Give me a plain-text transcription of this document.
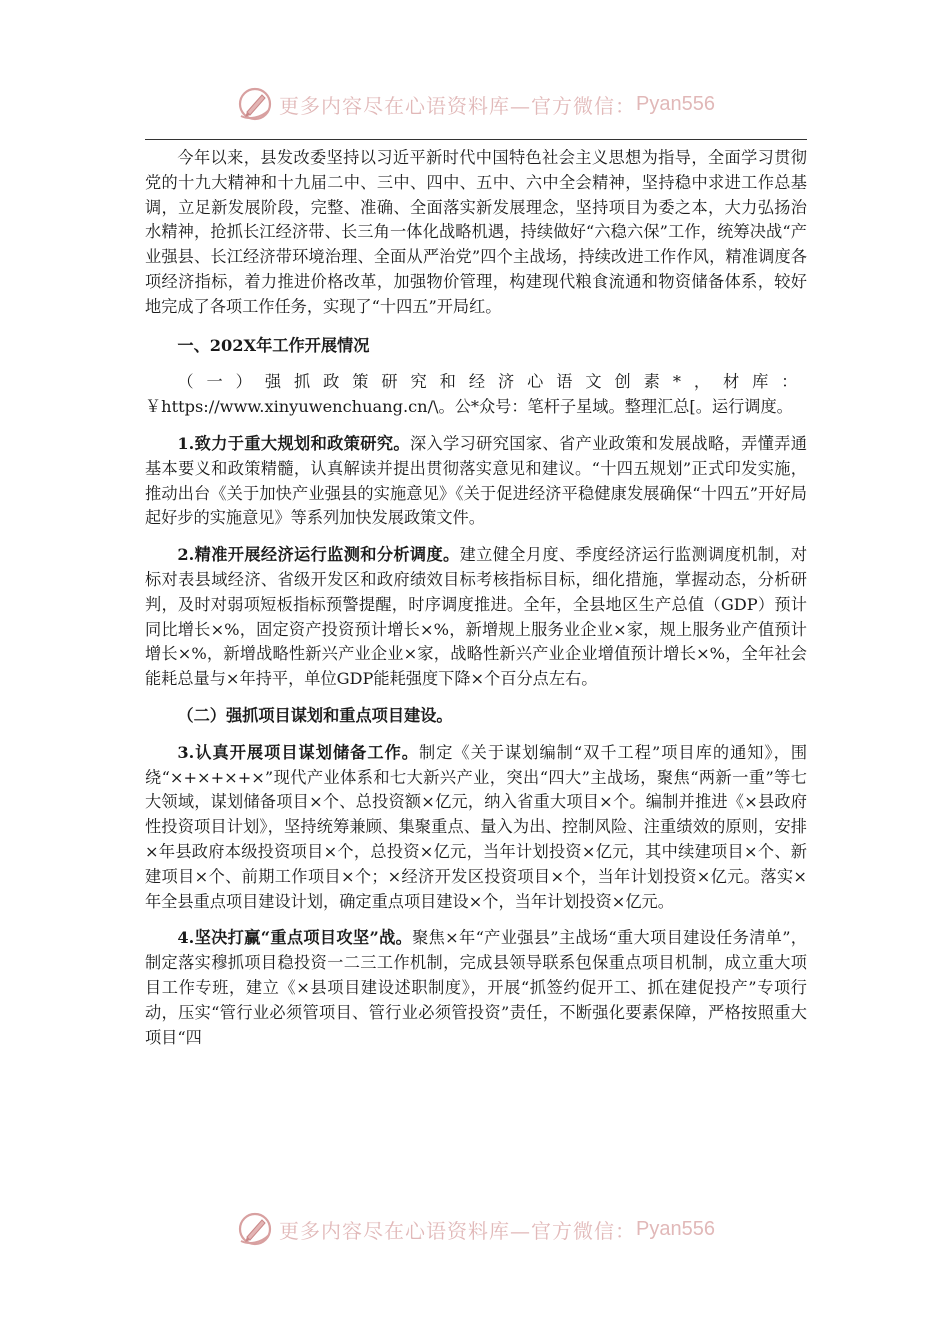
更多内容尽在心语资料库—官方微信： Pyan556

今年以来，县发改委坚持以习近平新时代中国特色社会主义思想为指导，全面学习贯彻党的十九大精神和十九届二中、三中、四中、五中、六中全会精神，坚持稳中求进工作总基调，立足新发展阶段，完整、准确、全面落实新发展理念，坚持项目为委之本，大力弘扬治水精神，抢抓长江经济带、长三角一体化战略机遇，持续做好“六稳六保”工作，统筹决战“产业强县、长江经济带环境治理、全面从严治党”四个主战场，持续改进工作作风，精准调度各项经济指标，着力推进价格改革，加强物价管理，构建现代粮食流通和物资储备体系，较好地完成了各项工作任务，实现了“十四五”开局红。

一、202X年工作开展情况

（一）强抓政策研究和经济心语文创素*，材库：￥https://www.xinyuwenchuang.cn/\。公*众号：笔杆子星域。整理汇总[。运行调度。

1.致力于重大规划和政策研究。深入学习研究国家、省产业政策和发展战略，弄懂弄通基本要义和政策精髓，认真解读并提出贯彻落实意见和建议。“十四五规划”正式印发实施，推动出台《关于加快产业强县的实施意见》《关于促进经济平稳健康发展确保“十四五”开好局起好步的实施意见》等系列加快发展政策文件。

2.精准开展经济运行监测和分析调度。建立健全月度、季度经济运行监测调度机制，对标对表县域经济、省级开发区和政府绩效目标考核指标目标，细化措施，掌握动态，分析研判，及时对弱项短板指标预警提醒，时序调度推进。全年，全县地区生产总值（GDP）预计同比增长×%，固定资产投资预计增长×%，新增规上服务业企业×家，规上服务业产值预计增长×%，新增战略性新兴产业企业×家，战略性新兴产业企业增值预计增长×%，全年社会能耗总量与×年持平，单位GDP能耗强度下降×个百分点左右。

（二）强抓项目谋划和重点项目建设。

3.认真开展项目谋划储备工作。制定《关于谋划编制“双千工程”项目库的通知》，围绕“×+×+×+×”现代产业体系和七大新兴产业，突出“四大”主战场，聚焦“两新一重”等七大领域，谋划储备项目×个、总投资额×亿元，纳入省重大项目×个。编制并推进《×县政府性投资项目计划》，坚持统筹兼顾、集聚重点、量入为出、控制风险、注重绩效的原则，安排×年县政府本级投资项目×个，总投资×亿元，当年计划投资×亿元，其中续建项目×个、新建项目×个、前期工作项目×个；×经济开发区投资项目×个，当年计划投资×亿元。落实×年全县重点项目建设计划，确定重点项目建设×个，当年计划投资×亿元。

4.坚决打赢“重点项目攻坚”战。聚焦×年“产业强县”主战场“重大项目建设任务清单”，制定落实穆抓项目稳投资一二三工作机制，完成县领导联系包保重点项目机制，成立重大项目工作专班，建立《×县项目建设述职制度》，开展“抓签约促开工、抓在建促投产”专项行动，压实“管行业必须管项目、管行业必须管投资”责任，不断强化要素保障，严格按照重大项目“四

更多内容尽在心语资料库—官方微信： Pyan556
